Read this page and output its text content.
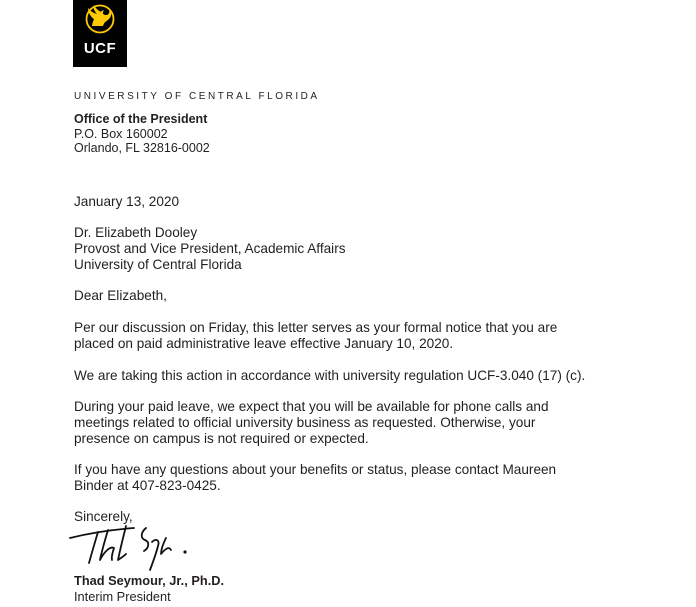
UCF
UNIVERSITY OF CENTRAL FLORIDA
Office of the President
P.O. Box 160002
Orlando, FL 32816-0002
January 13, 2020
Dr. Elizabeth Dooley
Provost and Vice President, Academic Affairs
University of Central Florida
Dear Elizabeth,
Per our discussion on Friday, this letter serves as your formal notice that you are
placed on paid administrative leave effective January 10, 2020.
We are taking this action in accordance with university regulation UCF-3.040 (17) (c).
During your paid leave, we expect that you will be available for phone calls and
meetings related to official university business as requested. Otherwise, your
presence on campus is not required or expected.
If you have any questions about your benefits or status, please contact Maureen
Binder at 407-823-0425.
Sincerely,
Thad Seymour, Jr., Ph.D.
Interim President
